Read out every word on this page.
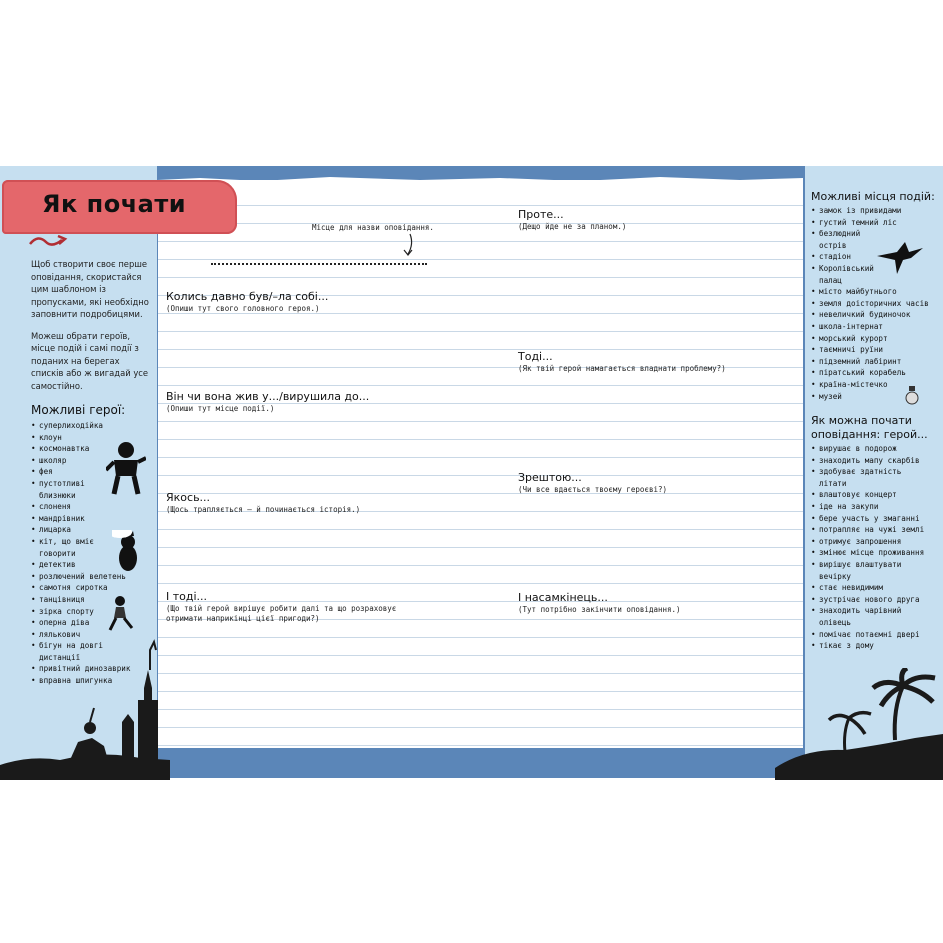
Як почати

Щоб створити своє перше оповідання, скористайся цим шаблоном із пропусками, які необхідно заповнити подробицями.

Можеш обрати героїв, місце подій і самі події з поданих на берегах списків або ж вигадай усе самостійно.

Можливі герої:
• суперлиходійка
• клоун
• космонавтка
• школяр
• фея
• пустотливі близнюки
• слоненя
• мандрівник
• лицарка
• кіт, що вміє говорити
• детектив
• розлючений велетень
• самотня сиротка
• танцівниця
• зірка спорту
• оперна діва
• лялькович
• бігун на довгі дистанції
• привітний динозаврик
• вправна шпигунка
Місце для назви оповідання.
Колись давно був/–ла собі...
(Опиши тут свого головного героя.)
Він чи вона жив у.../вирушила до...
(Опиши тут місце події.)
Якось...
(Щось трапляється — й починається історія.)
І тоді...
(Що твій герой вирішує робити далі та що розраховує отримати наприкінці цієї пригоди?)
Проте...
(Дещо йде не за планом.)
Тоді...
(Як твій герой намагається владнати проблему?)
Зрештою...
(Чи все вдається твоєму героєві?)
І насамкінець...
(Тут потрібно закінчити оповідання.)
Можливі місця подій:
• замок із привидами
• густий темний ліс
• безлюдний острів
• стадіон
• Королівський палац
• місто майбутнього
• земля доісторичних часів
• невеличкий будиночок
• школа-інтернат
• морський курорт
• таємничі руїни
• підземний лабіринт
• піратський корабель
• країна-містечко
• музей
Як можна почати оповідання: герой...
• вирушає в подорож
• знаходить мапу скарбів
• здобуває здатність літати
• влаштовує концерт
• іде на закупи
• бере участь у змаганні
• потрапляє на чужі землі
• отримує запрошення
• змінює місце проживання
• вирішує влаштувати вечірку
• стає невидимим
• зустрічає нового друга
• знаходить чарівний олівець
• помічає потаємні двері
• тікає з дому
